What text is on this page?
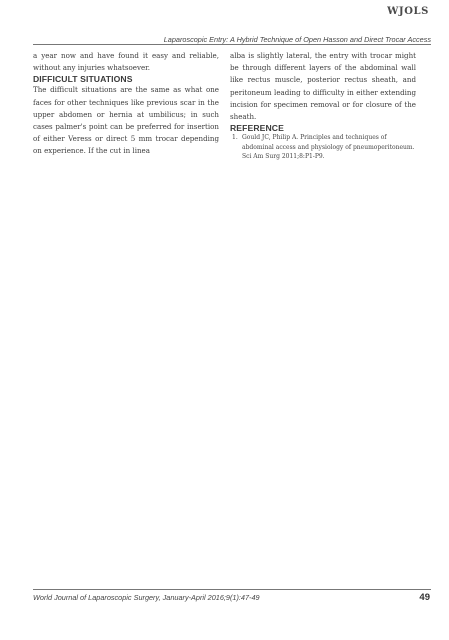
WJOLS
Laparoscopic Entry: A Hybrid Technique of Open Hasson and Direct Trocar Access

a year now and have found it easy and reliable, without any injuries whatsoever.

DIFFICULT SITUATIONS

The difficult situations are the same as what one faces for other techniques like previous scar in the upper abdomen or hernia at umbilicus; in such cases palmer's point can be preferred for insertion of either Veress or direct 5 mm trocar depending on experience. If the cut in linea

alba is slightly lateral, the entry with trocar might be through different layers of the abdominal wall like rectus muscle, posterior rectus sheath, and peritoneum leading to difficulty in either extending incision for specimen removal or for closure of the sheath.

REFERENCE
1. Gould JC, Philip A. Principles and techniques of abdominal access and physiology of pneumoperitoneum. Sci Am Surg 2011;8:P1-P9.
World Journal of Laparoscopic Surgery, January-April 2016;9(1):47-49	49
